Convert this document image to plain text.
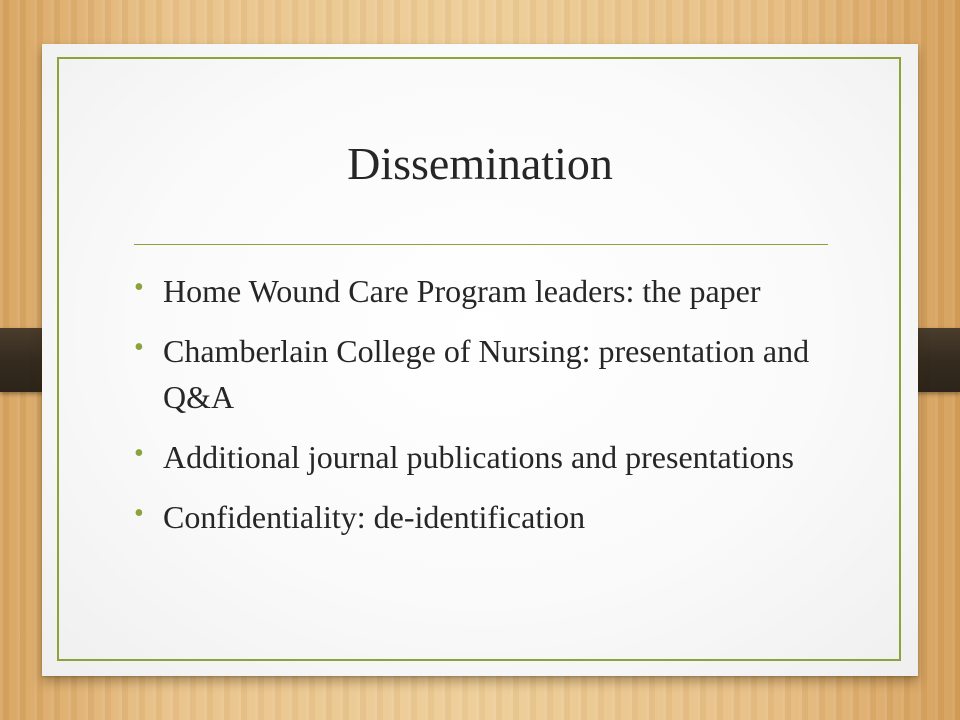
Dissemination
• Home Wound Care Program leaders: the paper
• Chamberlain College of Nursing: presentation and Q&A
• Additional journal publications and presentations
• Confidentiality: de-identification
